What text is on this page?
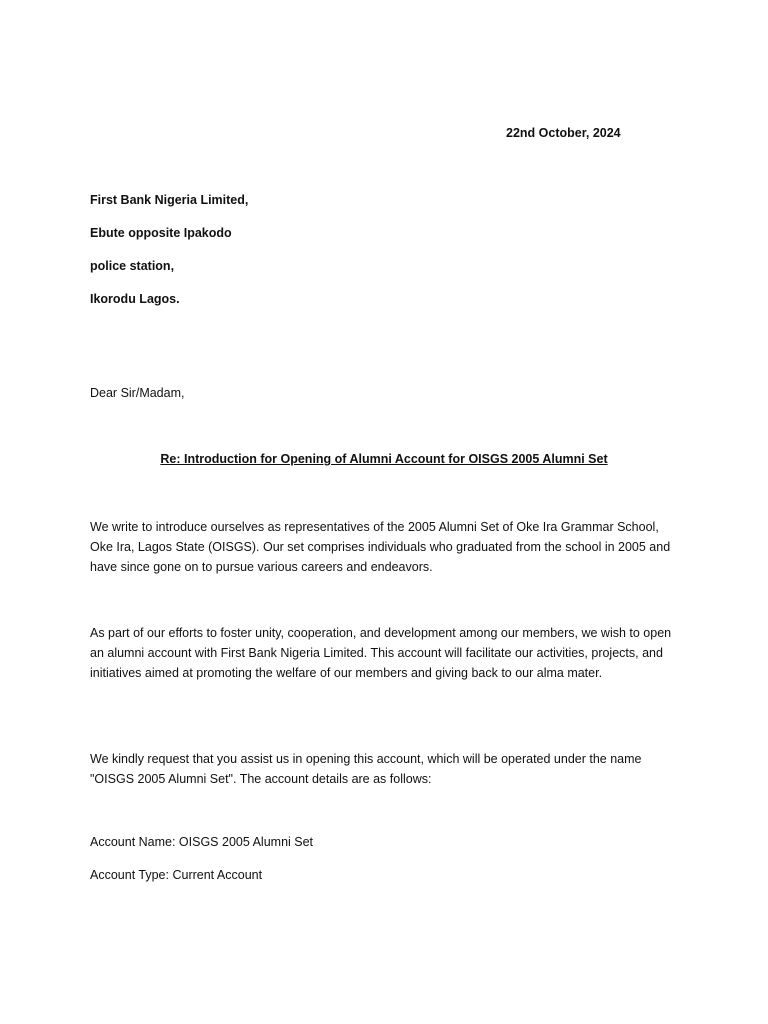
22nd October, 2024
First Bank Nigeria Limited,
Ebute opposite Ipakodo
police station,
Ikorodu Lagos.
Dear Sir/Madam,
Re: Introduction for Opening of Alumni Account for OISGS 2005 Alumni Set

We write to introduce ourselves as representatives of the 2005 Alumni Set of Oke Ira Grammar School, Oke Ira, Lagos State (OISGS). Our set comprises individuals who graduated from the school in 2005 and have since gone on to pursue various careers and endeavors.

As part of our efforts to foster unity, cooperation, and development among our members, we wish to open an alumni account with First Bank Nigeria Limited. This account will facilitate our activities, projects, and initiatives aimed at promoting the welfare of our members and giving back to our alma mater.

We kindly request that you assist us in opening this account, which will be operated under the name "OISGS 2005 Alumni Set". The account details are as follows:

Account Name: OISGS 2005 Alumni Set
Account Type: Current Account
